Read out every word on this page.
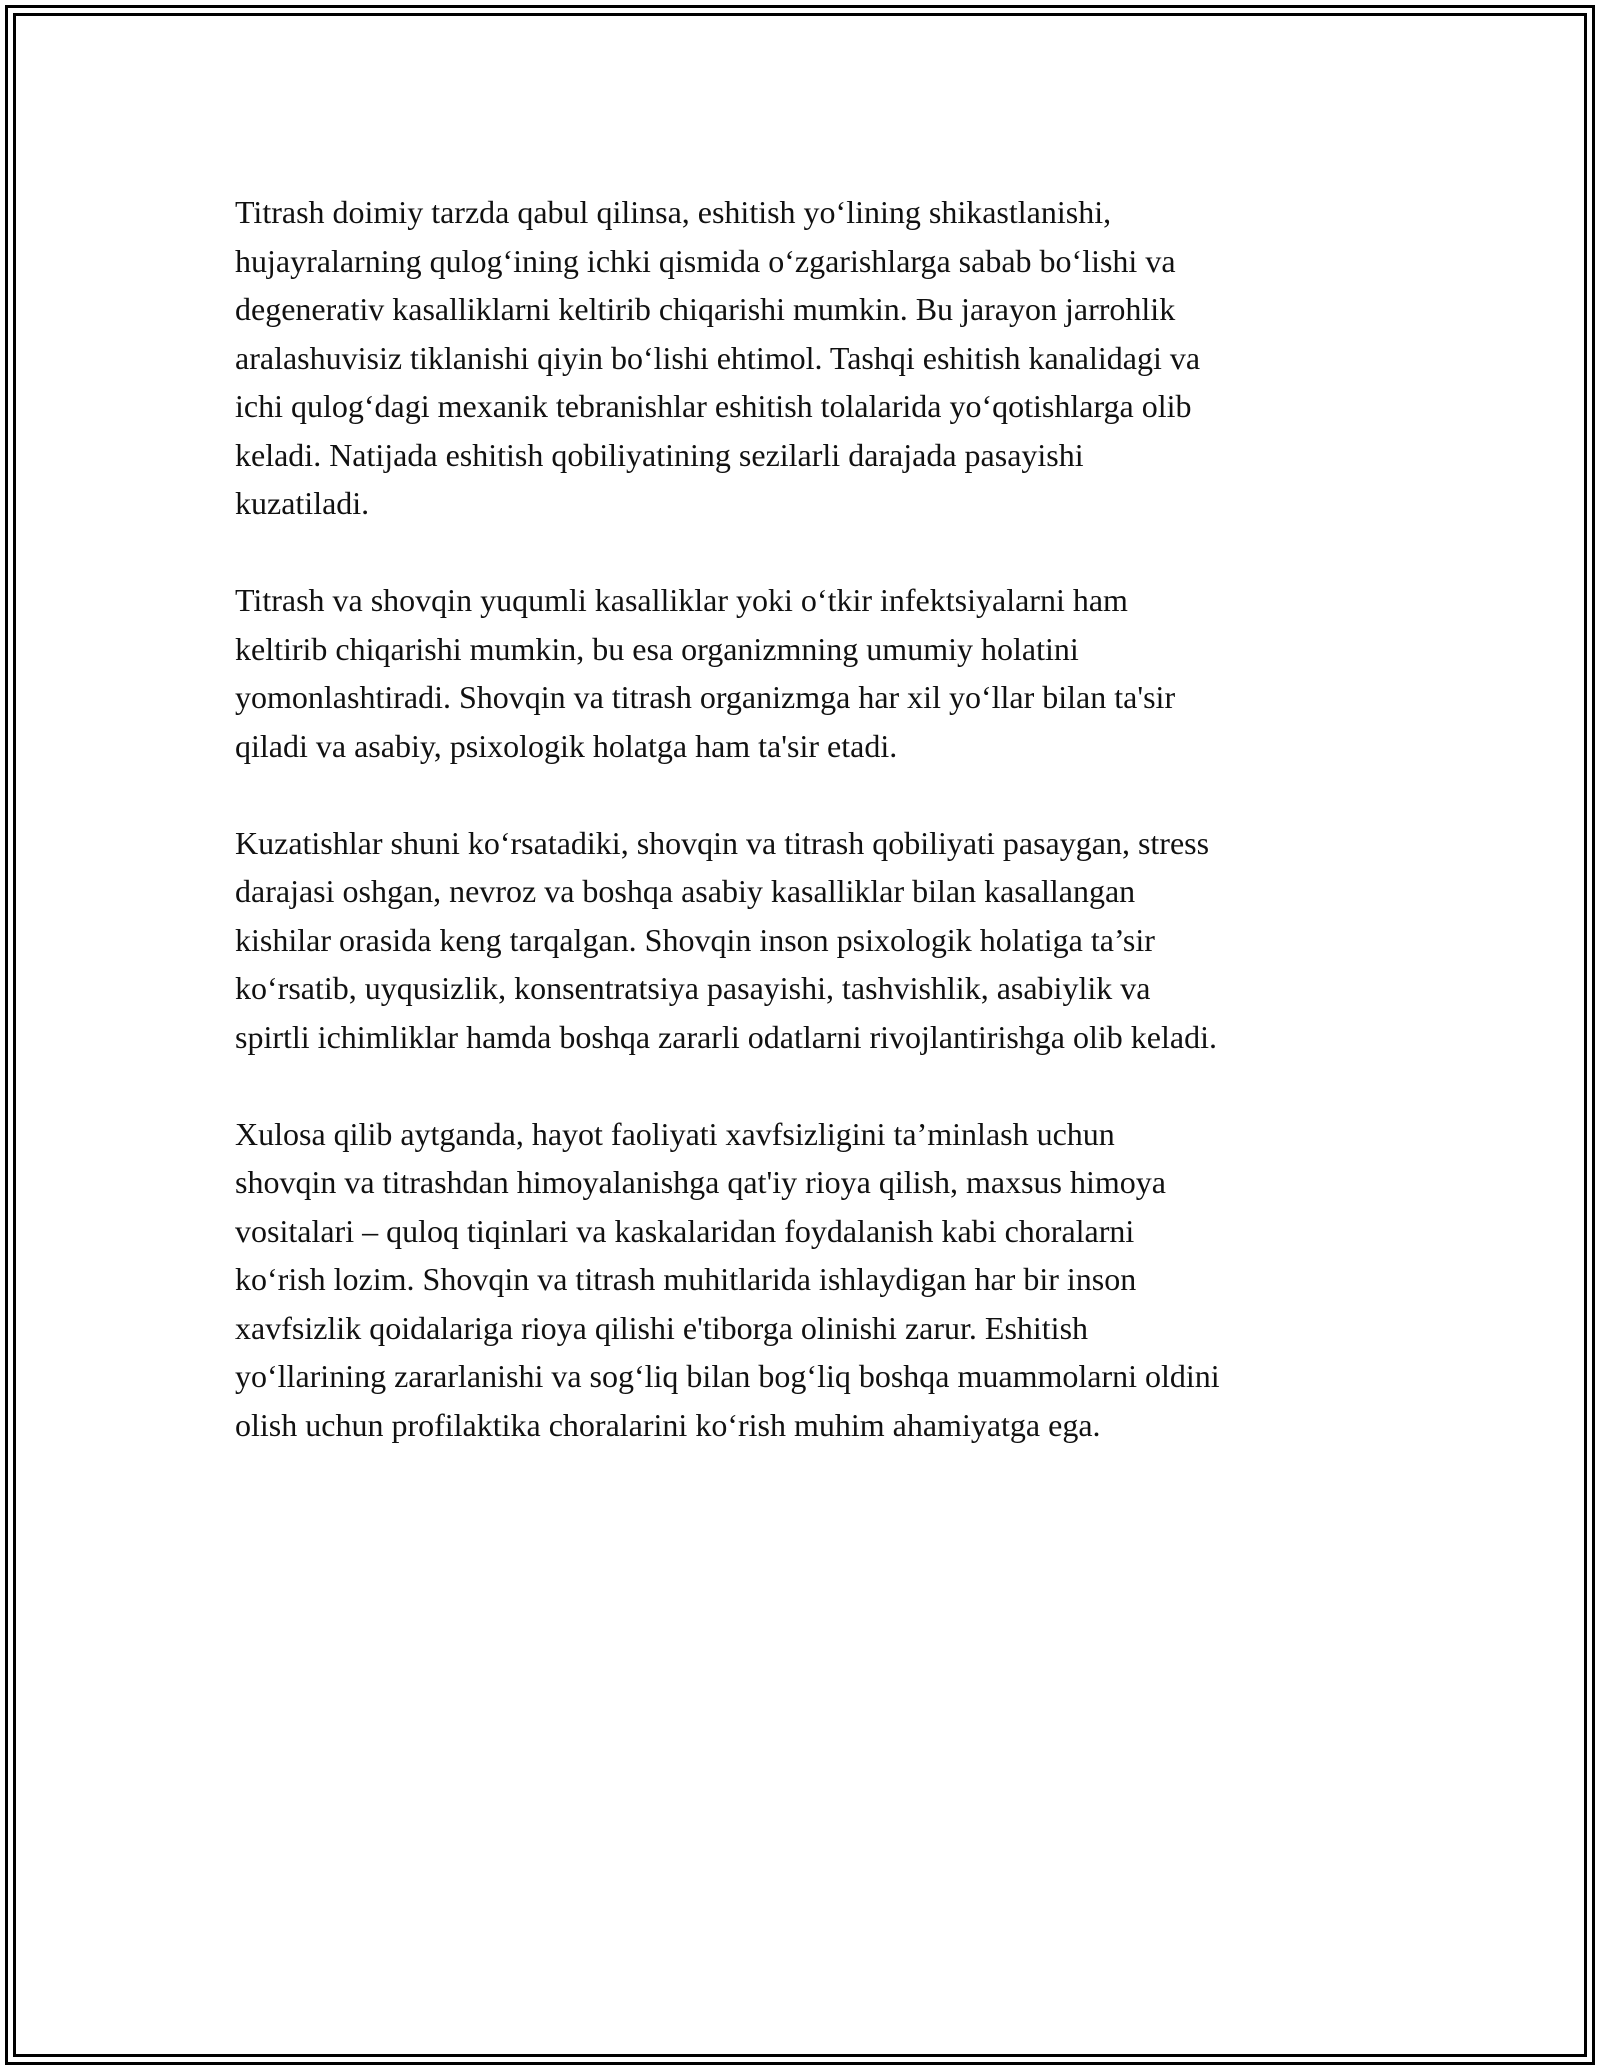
Titrash doimiy tarzda qabul qilinsa, eshitish yo‘lining shikastlanishi,
hujayralarning qulog‘ining ichki qismida o‘zgarishlarga sabab bo‘lishi va
degenerativ kasalliklarni keltirib chiqarishi mumkin. Bu jarayon jarrohlik
aralashuvisiz tiklanishi qiyin bo‘lishi ehtimol. Tashqi eshitish kanalidagi va
ichi qulog‘dagi mexanik tebranishlar eshitish tolalarida yo‘qotishlarga olib
keladi. Natijada eshitish qobiliyatining sezilarli darajada pasayishi
kuzatiladi.

Titrash va shovqin yuqumli kasalliklar yoki o‘tkir infektsiyalarni ham
keltirib chiqarishi mumkin, bu esa organizmning umumiy holatini
yomonlashtiradi. Shovqin va titrash organizmga har xil yo‘llar bilan ta'sir
qiladi va asabiy, psixologik holatga ham ta'sir etadi.

Kuzatishlar shuni ko‘rsatadiki, shovqin va titrash qobiliyati pasaygan, stress
darajasi oshgan, nevroz va boshqa asabiy kasalliklar bilan kasallangan
kishilar orasida keng tarqalgan. Shovqin inson psixologik holatiga ta’sir
ko‘rsatib, uyqusizlik, konsentratsiya pasayishi, tashvishlik, asabiylik va
spirtli ichimliklar hamda boshqa zararli odatlarni rivojlantirishga olib keladi.

Xulosa qilib aytganda, hayot faoliyati xavfsizligini ta’minlash uchun
shovqin va titrashdan himoyalanishga qat'iy rioya qilish, maxsus himoya
vositalari – quloq tiqinlari va kaskalaridan foydalanish kabi choralarni
ko‘rish lozim. Shovqin va titrash muhitlarida ishlaydigan har bir inson
xavfsizlik qoidalariga rioya qilishi e'tiborga olinishi zarur. Eshitish
yo‘llarining zararlanishi va sog‘liq bilan bog‘liq boshqa muammolarni oldini
olish uchun profilaktika choralarini ko‘rish muhim ahamiyatga ega.
